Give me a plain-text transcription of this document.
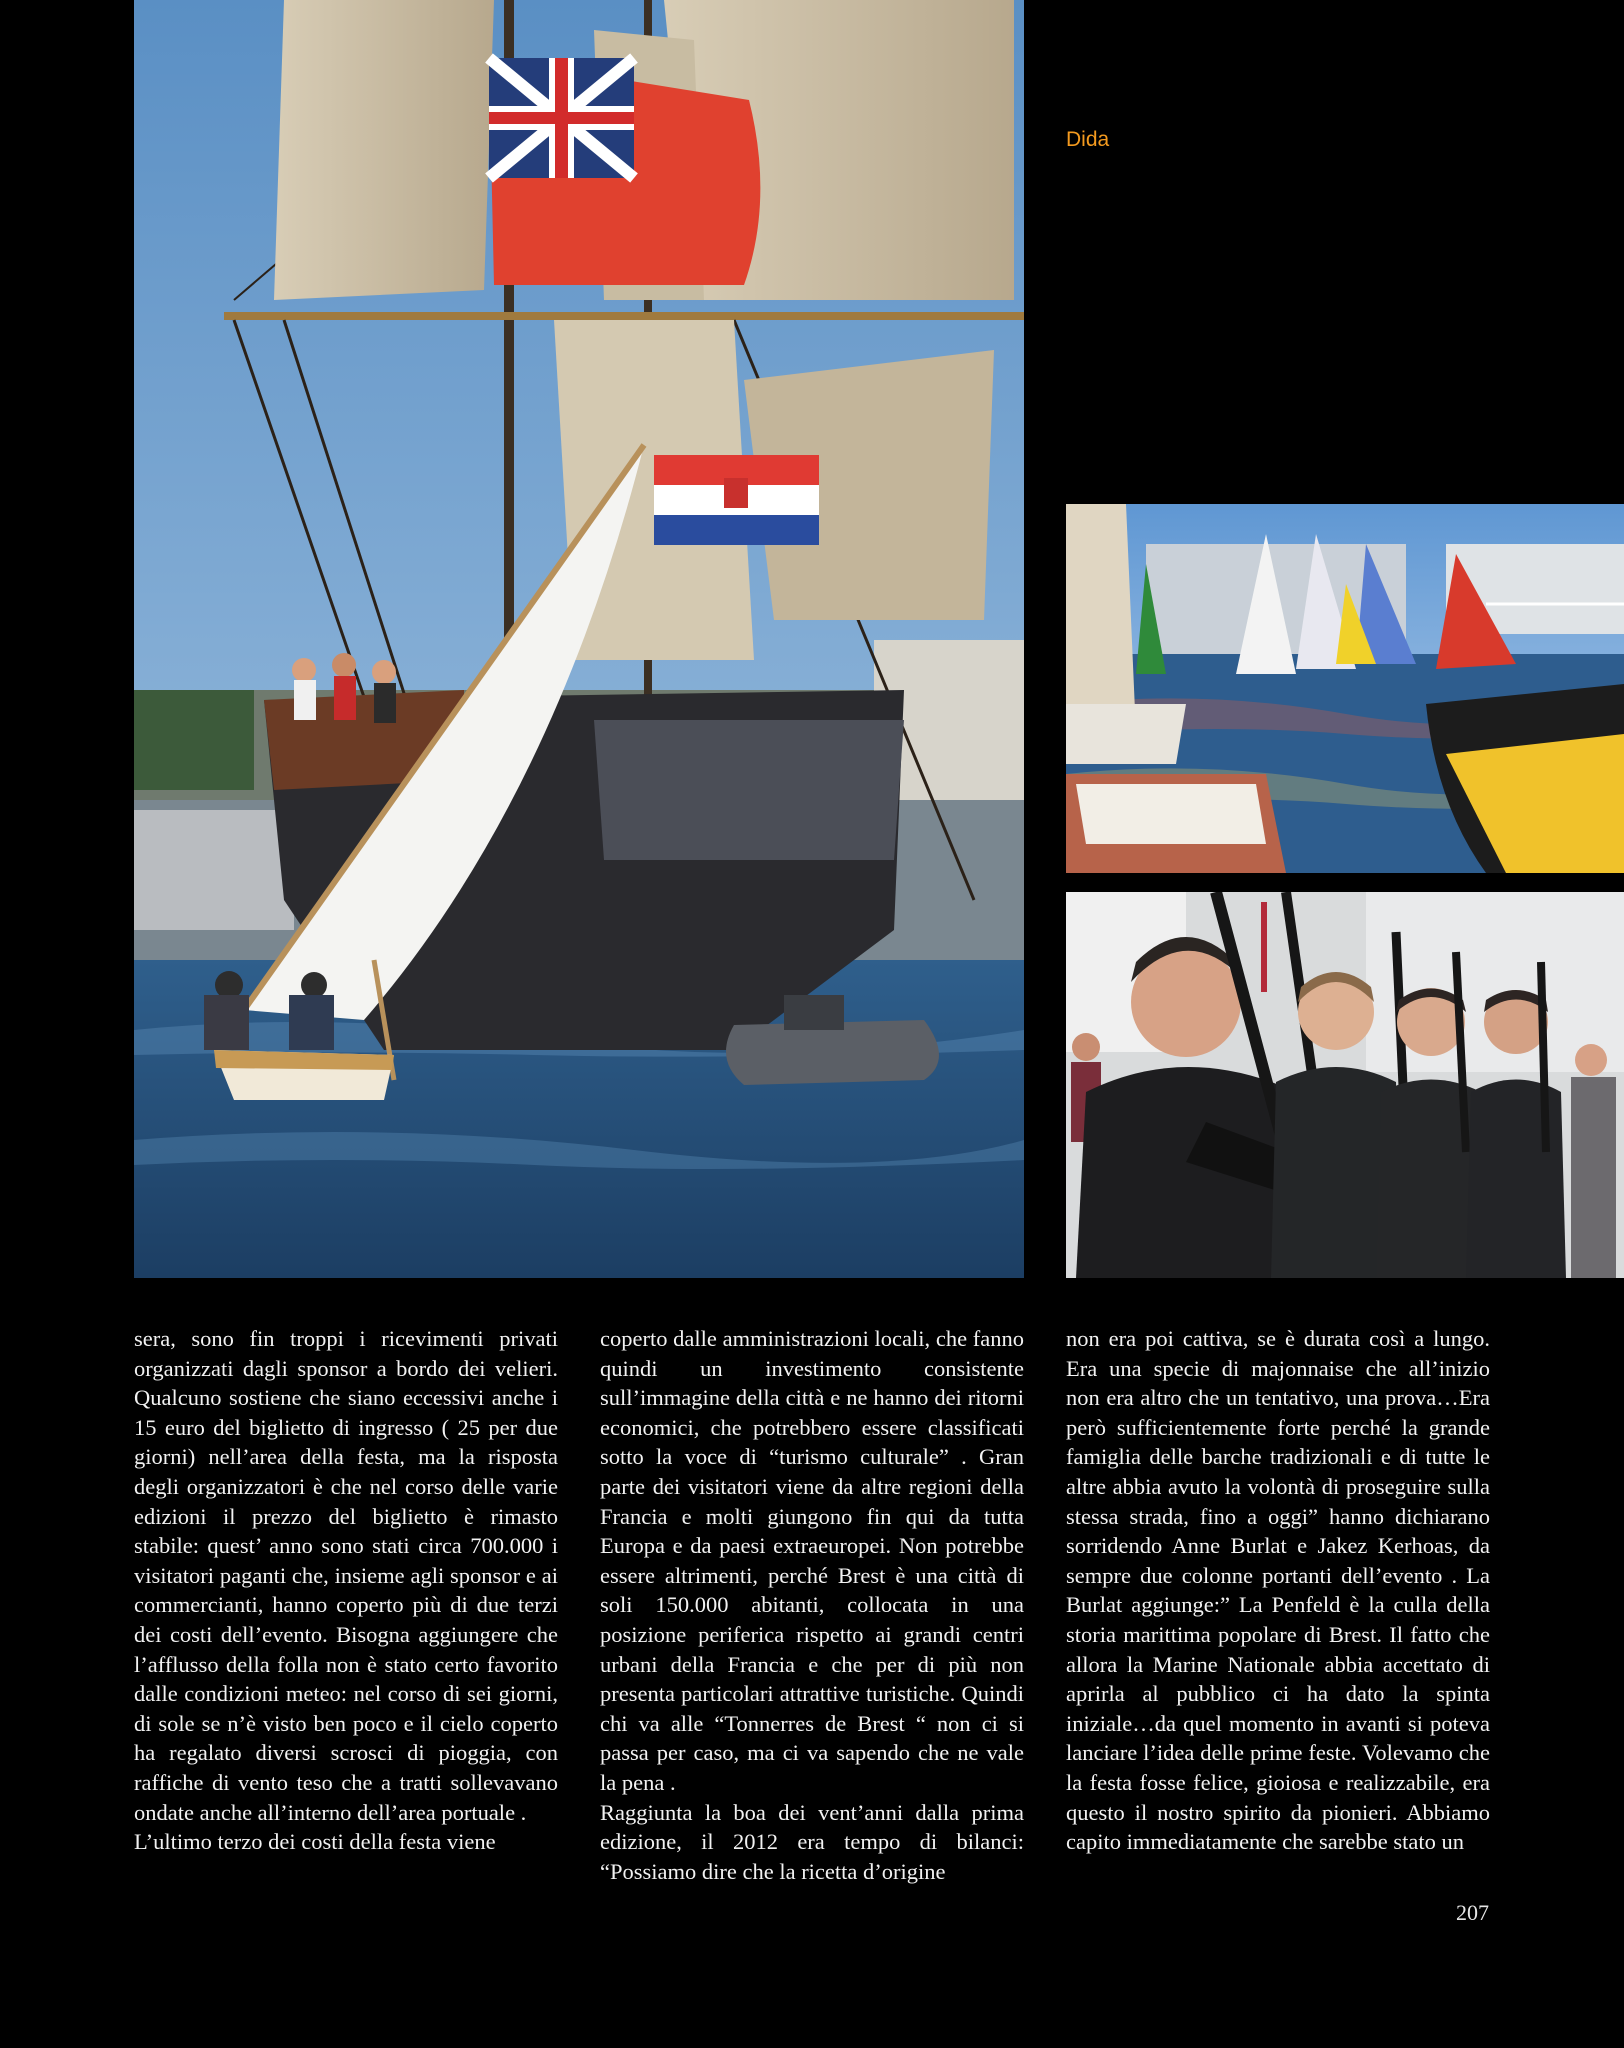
Dida

sera, sono fin troppi i ricevimenti privati organizzati dagli sponsor a bordo dei velieri. Qualcuno sostiene che siano eccessivi anche i 15 euro del biglietto di ingresso ( 25 per due giorni) nell’area della festa, ma la risposta degli organizzatori è che nel corso delle varie edizioni il prezzo del biglietto è rimasto stabile: quest’ anno sono stati circa 700.000 i visitatori paganti che, insieme agli sponsor e ai commercianti, hanno coperto più di due terzi dei costi dell’evento. Bisogna aggiungere che l’afflusso della folla non è stato certo favorito dalle condizioni meteo: nel corso di sei giorni, di sole se n’è visto ben poco e il cielo coperto ha regalato diversi scrosci di pioggia, con raffiche di vento teso che a tratti sollevavano ondate anche all’interno dell’area portuale .

L’ultimo terzo dei costi della festa viene

coperto dalle amministrazioni locali, che fanno quindi un investimento consistente sull’immagine della città e ne hanno dei ritorni economici, che potrebbero essere classificati sotto la voce di “turismo culturale” . Gran parte dei visitatori viene da altre regioni della Francia e molti giungono fin qui da tutta Europa e da paesi extraeuropei. Non potrebbe essere altrimenti, perché Brest è una città di soli 150.000 abitanti, collocata in una posizione periferica rispetto ai grandi centri urbani della Francia e che per di più non presenta particolari attrattive turistiche. Quindi chi va alle “Tonnerres de Brest “ non ci si passa per caso, ma ci va sapendo che ne vale la pena .

Raggiunta la boa dei vent’anni dalla prima edizione, il 2012 era tempo di bilanci: “Possiamo dire che la ricetta d’origine

non era poi cattiva, se è durata così a lungo. Era una specie di majonnaise che all’inizio non era altro che un tentativo, una prova…Era però sufficientemente forte perché la grande famiglia delle barche tradizionali e di tutte le altre abbia avuto la volontà di proseguire sulla stessa strada, fino a oggi” hanno dichiarano sorridendo Anne Burlat e Jakez Kerhoas, da sempre due colonne portanti dell’evento . La Burlat aggiunge:” La Penfeld è la culla della storia marittima popolare di Brest. Il fatto che allora la Marine Nationale abbia accettato di aprirla al pubblico ci ha dato la spinta iniziale…da quel momento in avanti si poteva lanciare l’idea delle prime feste. Volevamo che la festa fosse felice, gioiosa e realizzabile, era questo il nostro spirito da pionieri. Abbiamo capito immediatamente che sarebbe stato un

207
